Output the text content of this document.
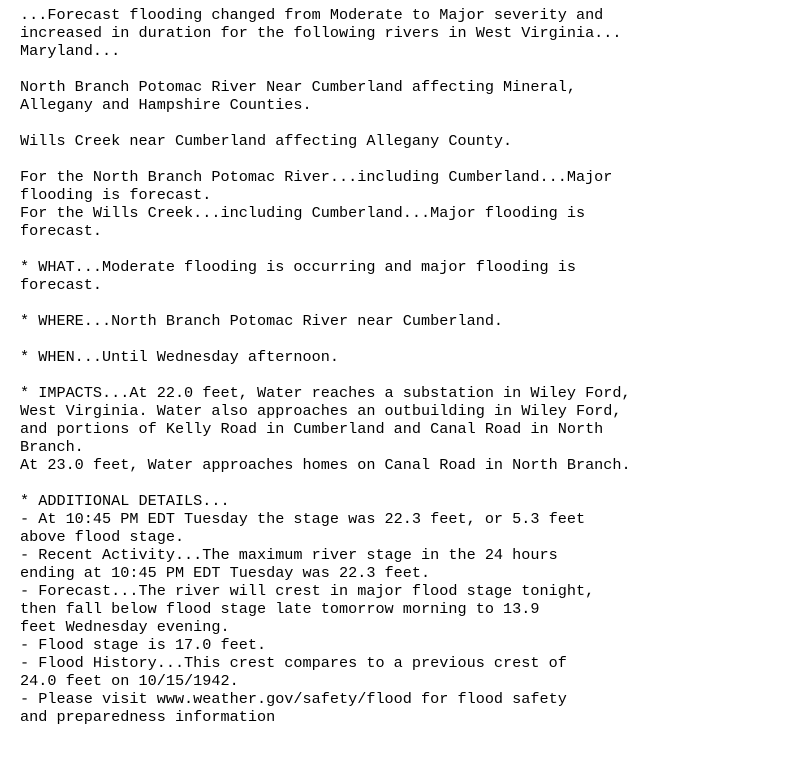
...Forecast flooding changed from Moderate to Major severity and
increased in duration for the following rivers in West Virginia...
Maryland...
North Branch Potomac River Near Cumberland affecting Mineral,
Allegany and Hampshire Counties.
Wills Creek near Cumberland affecting Allegany County.
For the North Branch Potomac River...including Cumberland...Major
flooding is forecast.
For the Wills Creek...including Cumberland...Major flooding is
forecast.
* WHAT...Moderate flooding is occurring and major flooding is
forecast.
* WHERE...North Branch Potomac River near Cumberland.
* WHEN...Until Wednesday afternoon.
* IMPACTS...At 22.0 feet, Water reaches a substation in Wiley Ford,
West Virginia. Water also approaches an outbuilding in Wiley Ford,
and portions of Kelly Road in Cumberland and Canal Road in North
Branch.
At 23.0 feet, Water approaches homes on Canal Road in North Branch.
* ADDITIONAL DETAILS...
- At 10:45 PM EDT Tuesday the stage was 22.3 feet, or 5.3 feet
above flood stage.
- Recent Activity...The maximum river stage in the 24 hours
ending at 10:45 PM EDT Tuesday was 22.3 feet.
- Forecast...The river will crest in major flood stage tonight,
then fall below flood stage late tomorrow morning to 13.9
feet Wednesday evening.
- Flood stage is 17.0 feet.
- Flood History...This crest compares to a previous crest of
24.0 feet on 10/15/1942.
- Please visit www.weather.gov/safety/flood for flood safety
and preparedness information
